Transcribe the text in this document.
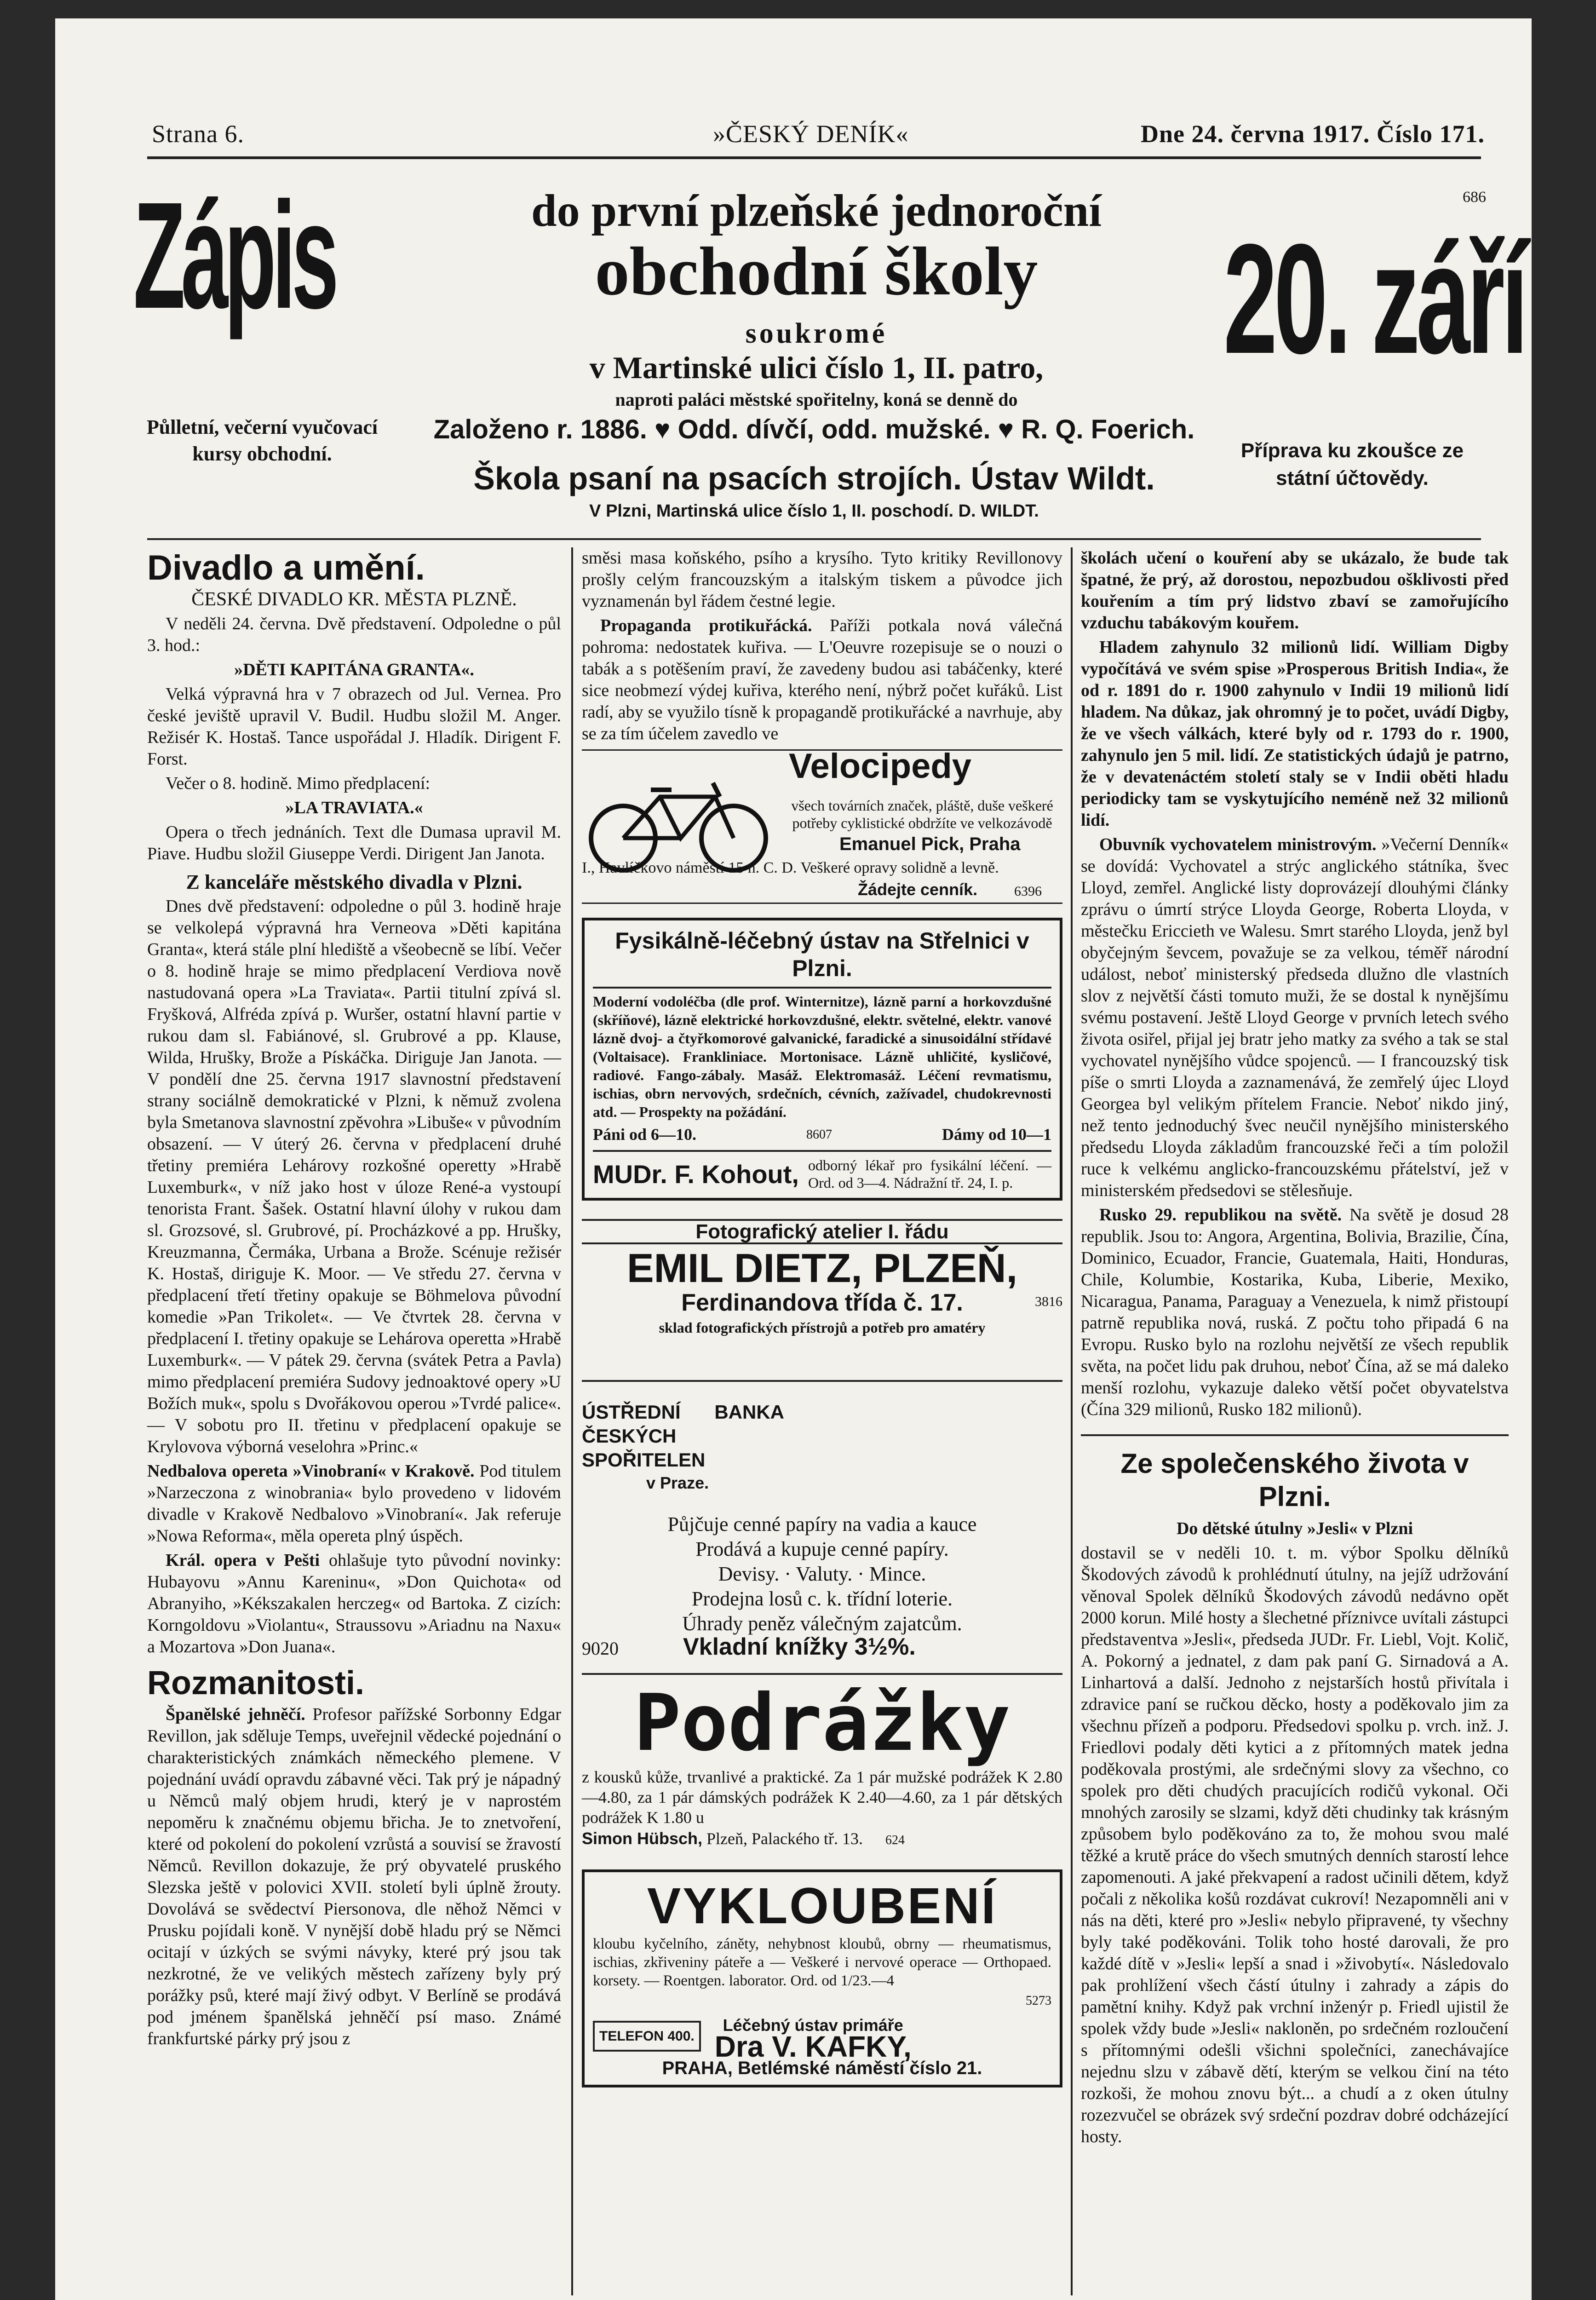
Strana 6.	»ČESKÝ DENÍK«	Dne 24. června 1917. Číslo 171.
Zápis
Půlletní, večerní vyučovací kursy obchodní.
do první plzeňské jednoroční
obchodní školy
soukromé
v Martinské ulici číslo 1, II. patro,
naproti paláci městské spořitelny, koná se denně do
Založeno r. 1886. ♥ Odd. dívčí, odd. mužské. ♥ R. Q. Foerich.
Škola psaní na psacích strojích. Ústav Wildt.
V Plzni, Martinská ulice číslo 1, II. poschodí. D. WILDT.
686
20. září
Příprava ku zkoušce ze státní účtovědy.
Divadlo a umění.

ČESKÉ DIVADLO KR. MĚSTA PLZNĚ.

V neděli 24. června. Dvě představení. Odpoledne o půl 3. hod.:

»DĚTI KAPITÁNA GRANTA«.

Velká výpravná hra v 7 obrazech od Jul. Vernea. Pro české jeviště upravil V. Budil. Hudbu složil M. Anger. Režisér K. Hostaš. Tance uspořádal J. Hladík. Dirigent F. Forst.

Večer o 8. hodině. Mimo předplacení:

»LA TRAVIATA.«

Opera o třech jednáních. Text dle Dumasa upravil M. Piave. Hudbu složil Giuseppe Verdi. Dirigent Jan Janota.

Z kanceláře městského divadla v Plzni.

Dnes dvě představení: odpoledne o půl 3. hodině hraje se velkolepá výpravná hra Verneova »Děti kapitána Granta«, která stále plní hlediště a všeobecně se líbí. Večer o 8. hodině hraje se mimo předplacení Verdiova nově nastudovaná opera »La Traviata«. Partii titulní zpívá sl. Fryšková, Alfréda zpívá p. Wuršer, ostatní hlavní partie v rukou dam sl. Fabiánové, sl. Grubrové a pp. Klause, Wilda, Hrušky, Brože a Pískáčka. Diriguje Jan Janota. — V pondělí dne 25. června 1917 slavnostní představení strany sociálně demokratické v Plzni, k němuž zvolena byla Smetanova slavnostní zpěvohra »Libuše« v původním obsazení. — V úterý 26. června v předplacení druhé třetiny premiéra Lehárovy rozkošné operetty »Hrabě Luxemburk«, v níž jako host v úloze René-a vystoupí tenorista Frant. Šašek. Ostatní hlavní úlohy v rukou dam sl. Grozsové, sl. Grubrové, pí. Procházkové a pp. Hrušky, Kreuzmanna, Čermáka, Urbana a Brože. Scénuje režisér K. Hostaš, diriguje K. Moor. — Ve středu 27. června v předplacení třetí třetiny opakuje se Böhmelova původní komedie »Pan Trikolet«. — Ve čtvrtek 28. června v předplacení I. třetiny opakuje se Lehárova operetta »Hrabě Luxemburk«. — V pátek 29. června (svátek Petra a Pavla) mimo předplacení premiéra Sudovy jednoaktové opery »U Božích muk«, spolu s Dvořákovou operou »Tvrdé palice«. — V sobotu pro II. třetinu v předplacení opakuje se Krylovova výborná veselohra »Princ.«

Nedbalova opereta »Vinobraní« v Krakově. Pod titulem »Narzeczona z winobrania« bylo provedeno v lidovém divadle v Krakově Nedbalovo »Vinobraní«. Jak referuje »Nowa Reforma«, měla opereta plný úspěch.

Král. opera v Pešti ohlašuje tyto původní novinky: Hubayovu »Annu Kareninu«, »Don Quichota« od Abranyiho, »Kékszakalen herczeg« od Bartoka. Z cizích: Korngoldovu »Violantu«, Straussovu »Ariadnu na Naxu« a Mozartova »Don Juana«.

Rozmanitosti.

Španělské jehněčí. Profesor pařížské Sorbonny Edgar Revillon, jak sděluje Temps, uveřejnil vědecké pojednání o charakteristických známkách německého plemene. V pojednání uvádí opravdu zábavné věci. Tak prý je nápadný u Němců malý objem hrudi, který je v naprostém nepoměru k značnému objemu břicha. Je to znetvoření, které od pokolení do pokolení vzrůstá a souvisí se žravostí Němců. Revillon dokazuje, že prý obyvatelé pruského Slezska ještě v polovici XVII. století byli úplně žrouty. Dovolává se svědectví Piersonova, dle něhož Němci v Prusku pojídali koně. V nynější době hladu prý se Němci ocitají v úzkých se svými návyky, které prý jsou tak nezkrotné, že ve velikých městech zařízeny byly prý porážky psů, které mají živý odbyt. V Berlíně se prodává pod jménem španělská jehněčí psí maso. Známé frankfurtské párky prý jsou z

směsi masa koňského, psího a krysího. Tyto kritiky Revillonovy prošly celým francouzským a italským tiskem a původce jich vyznamenán byl řádem čestné legie.

Propaganda protikuřácká. Paříži potkala nová válečná pohroma: nedostatek kuřiva. — L'Oeuvre rozepisuje se o nouzi o tabák a s potěšením praví, že zavedeny budou asi tabáčenky, které sice neobmezí výdej kuřiva, kterého není, nýbrž počet kuřáků. List radí, aby se využilo tísně k propagandě protikuřácké a navrhuje, aby se za tím účelem zavedlo ve

Velocipedy
všech továrních značek, pláště, duše veškeré potřeby cyklistické obdržíte ve velkozávodě
Emanuel Pick, Praha
I., Havlíčkovo náměstí 15 n. C. D. Veškeré opravy solidně a levně.
Žádejte cenník.	6396
Fysikálně-léčebný ústav na Střelnici v Plzni.
Moderní vodoléčba (dle prof. Winternitze), lázně parní a horkovzdušné (skříňové), lázně elektrické horkovzdušné, elektr. světelné, elektr. vanové lázně dvoj- a čtyřkomorové galvanické, faradické a sinusoidální střídavé (Voltaisace). Frankliniace. Mortonisace. Lázně uhličité, kysličové, radiové. Fango-zábaly. Masáž. Elektromasáž. Léčení revmatismu, ischias, obrn nervových, srdečních, cévních, zažívadel, chudokrevnosti atd. — Prospekty na požádání.
Páni od 6—10.	8607	Dámy od 10—1
MUDr. F. Kohout, odborný lékař pro fysikální léčení. — Ord. od 3—4. Nádražní tř. 24, I. p.
Fotografický atelier I. řádu
EMIL DIETZ, PLZEŇ,
Ferdinandova třída č. 17.	3816
sklad fotografických přístrojů a potřeb pro amatéry
ÚSTŘEDNÍ BANKA ČESKÝCH SPOŘITELEN
v Praze.
Půjčuje cenné papíry na vadia a kauce
Prodává a kupuje cenné papíry.
Devisy. · Valuty. · Mince.
Prodejna losů c. k. třídní loterie.
Úhrady peněz válečným zajatcům.
9020	Vkladní knížky 3½%.
Podrážky
z kousků kůže, trvanlivé a praktické. Za 1 pár mužské podrážek K 2.80—4.80, za 1 pár dámských podrážek K 2.40—4.60, za 1 pár dětských podrážek K 1.80 u
Simon Hübsch, Plzeň, Palackého tř. 13. 624
VYKLOUBENÍ
kloubu kyčelního, záněty, nehybnost kloubů, obrny — rheumatismus, ischias, zkřiveniny páteře a — Veškeré i nervové operace — Orthopaed. korsety. — Roentgen. laborator. Ord. od 1/23.—4
5273
TELEFON 400.
Léčebný ústav primáře
Dra V. KAFKY,
PRAHA, Betlémské náměstí číslo 21.

školách učení o kouření aby se ukázalo, že bude tak špatné, že prý, až dorostou, nepozbudou ošklivosti před kouřením a tím prý lidstvo zbaví se zamořujícího vzduchu tabákovým kouřem.

Hladem zahynulo 32 milionů lidí. William Digby vypočítává ve svém spise »Prosperous British India«, že od r. 1891 do r. 1900 zahynulo v Indii 19 milionů lidí hladem. Na důkaz, jak ohromný je to počet, uvádí Digby, že ve všech válkách, které byly od r. 1793 do r. 1900, zahynulo jen 5 mil. lidí. Ze statistických údajů je patrno, že v devatenáctém století staly se v Indii oběti hladu periodicky tam se vyskytujícího neméně než 32 milionů lidí.

Obuvník vychovatelem ministrovým. »Večerní Denník« se dovídá: Vychovatel a strýc anglického státníka, švec Lloyd, zemřel. Anglické listy doprovázejí dlouhými články zprávu o úmrtí strýce Lloyda George, Roberta Lloyda, v městečku Ericcieth ve Walesu. Smrt starého Lloyda, jenž byl obyčejným ševcem, považuje se za velkou, téměř národní událost, neboť ministerský předseda dlužno dle vlastních slov z největší části tomuto muži, že se dostal k nynějšímu svému postavení. Ještě Lloyd George v prvních letech svého života osiřel, přijal jej bratr jeho matky za svého a tak se stal vychovatel nynějšího vůdce spojenců. — I francouzský tisk píše o smrti Lloyda a zaznamenává, že zemřelý újec Lloyd Georgea byl velikým přítelem Francie. Neboť nikdo jiný, než tento jednoduchý švec neučil nynějšího ministerského předsedu Lloyda základům francouzské řeči a tím položil ruce k velkému anglicko-francouzskému přátelství, jež v ministerském předsedovi se stělesňuje.

Rusko 29. republikou na světě. Na světě je dosud 28 republik. Jsou to: Angora, Argentina, Bolivia, Brazilie, Čína, Dominico, Ecuador, Francie, Guatemala, Haiti, Honduras, Chile, Kolumbie, Kostarika, Kuba, Liberie, Mexiko, Nicaragua, Panama, Paraguay a Venezuela, k nimž přistoupí patrně republika nová, ruská. Z počtu toho připadá 6 na Evropu. Rusko bylo na rozlohu největší ze všech republik světa, na počet lidu pak druhou, neboť Čína, až se má daleko menší rozlohu, vykazuje daleko větší počet obyvatelstva (Čína 329 milionů, Rusko 182 milionů).

Ze společenského života v Plzni.

Do dětské útulny »Jesli« v Plzni

dostavil se v neděli 10. t. m. výbor Spolku dělníků Škodových závodů k prohlédnutí útulny, na jejíž udržování věnoval Spolek dělníků Škodových závodů nedávno opět 2000 korun. Milé hosty a šlechetné příznivce uvítali zástupci představentva »Jesli«, předseda JUDr. Fr. Liebl, Vojt. Količ, A. Pokorný a jednatel, z dam pak paní G. Sirnadová a A. Linhartová a další. Jednoho z nejstarších hostů přivítala i zdravice paní se ručkou děcko, hosty a poděkovalo jim za všechnu přízeň a podporu. Předsedovi spolku p. vrch. inž. J. Friedlovi podaly děti kytici a z přítomných matek jedna poděkovala prostými, ale srdečnými slovy za všechno, co spolek pro děti chudých pracujících rodičů vykonal. Oči mnohých zarosily se slzami, když děti chudinky tak krásným způsobem bylo poděkováno za to, že mohou svou malé těžké a krutě práce do všech smutných denních starostí lehce zapomenouti. A jaké překvapení a radost učinili dětem, když počali z několika košů rozdávat cukroví! Nezapomněli ani v nás na děti, které pro »Jesli« nebylo připravené, ty všechny byly také poděkováni. Tolik toho hosté darovali, že pro každé dítě v »Jesli« lepší a snad i »živobytí«. Následovalo pak prohlížení všech částí útulny i zahrady a zápis do pamětní knihy. Když pak vrchní inženýr p. Friedl ujistil že spolek vždy bude »Jesli« nakloněn, po srdečném rozloučení s přítomnými odešli všichni společníci, zanechávajíce nejednu slzu v zábavě dětí, kterým se velkou činí na této rozkoši, že mohou znovu být... a chudí a z oken útulny rozezvučel se obrázek svý srdeční pozdrav dobré odcházející hosty.
